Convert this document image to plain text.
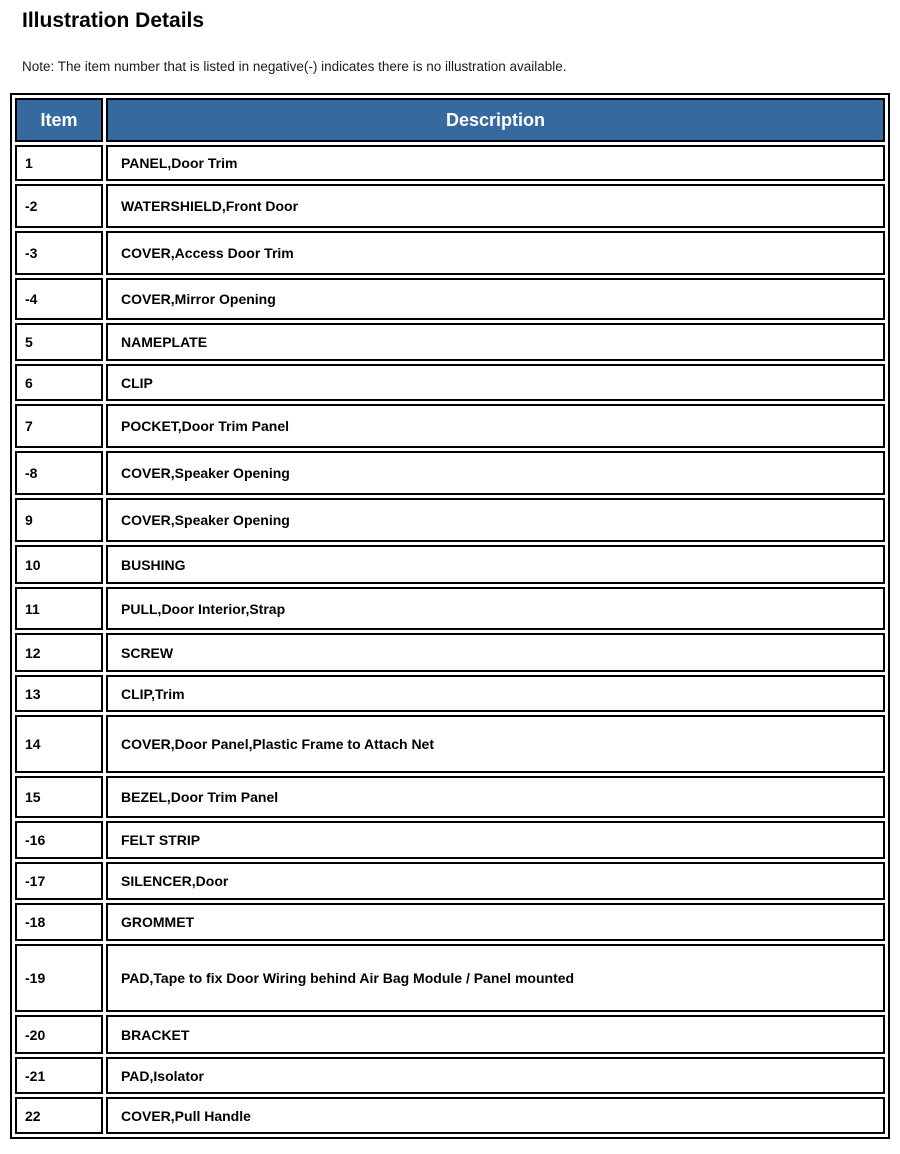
Illustration Details

Note: The item number that is listed in negative(-) indicates there is no illustration available.

Item	Description
1	PANEL,Door Trim
-2	WATERSHIELD,Front Door
-3	COVER,Access Door Trim
-4	COVER,Mirror Opening
5	NAMEPLATE
6	CLIP
7	POCKET,Door Trim Panel
-8	COVER,Speaker Opening
9	COVER,Speaker Opening
10	BUSHING
11	PULL,Door Interior,Strap
12	SCREW
13	CLIP,Trim
14	COVER,Door Panel,Plastic Frame to Attach Net
15	BEZEL,Door Trim Panel
-16	FELT STRIP
-17	SILENCER,Door
-18	GROMMET
-19	PAD,Tape to fix Door Wiring behind Air Bag Module / Panel mounted
-20	BRACKET
-21	PAD,Isolator
22	COVER,Pull Handle
